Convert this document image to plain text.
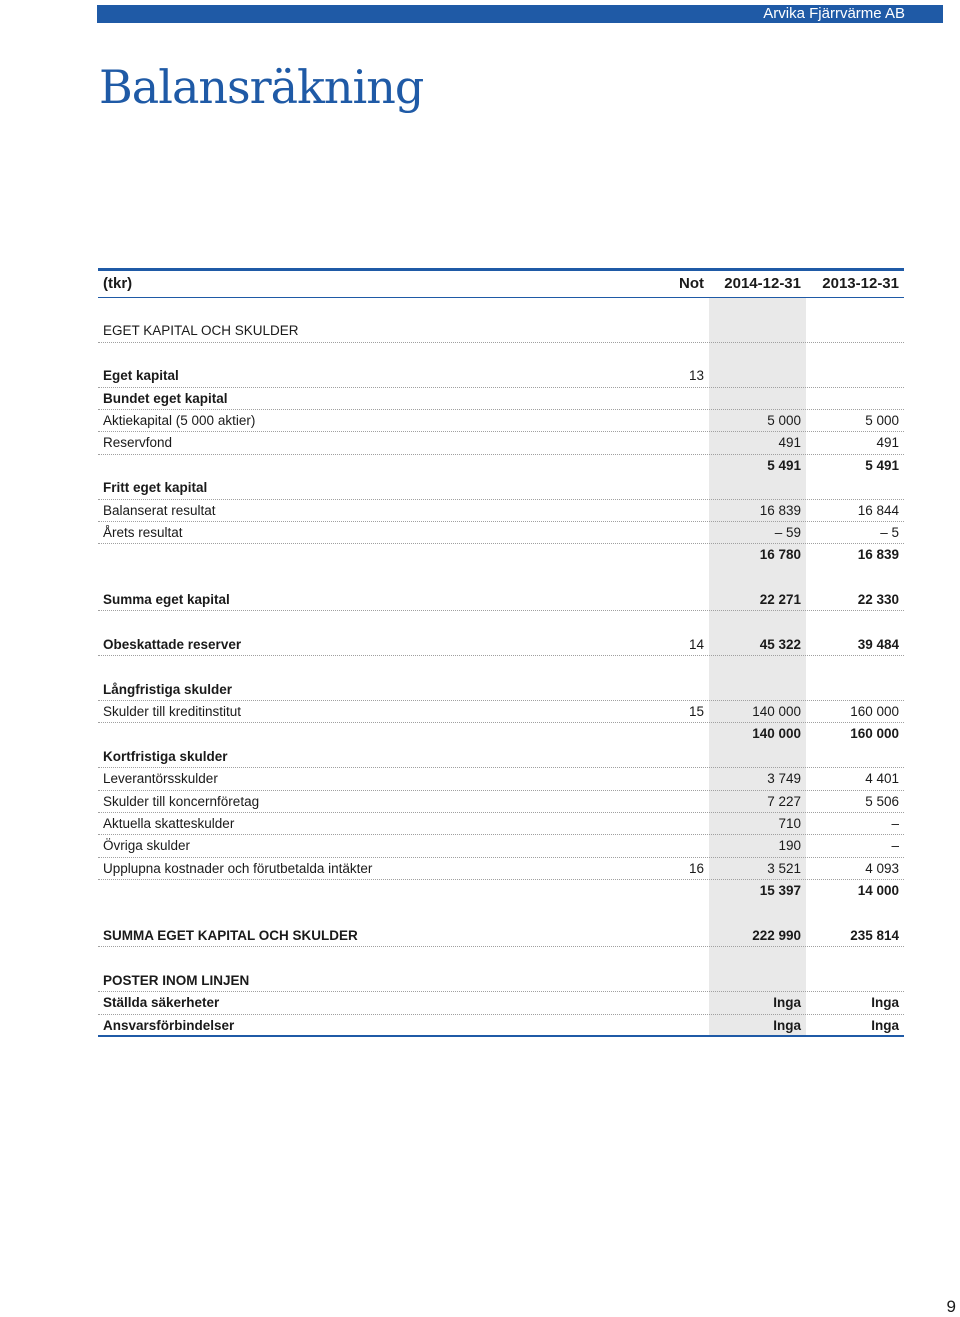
Arvika Fjärrvärme AB
Balansräkning
(tkr)	Not 2014-12-31 2013-12-31
EGET KAPITAL OCH SKULDER
Eget kapital	13
Bundet eget kapital
Aktiekapital (5 000 aktier)	5 000	5 000
Reservfond	491	491
5 491	5 491
Fritt eget kapital
Balanserat resultat	16 839	16 844
Årets resultat	– 59	– 5
16 780	16 839
Summa eget kapital	22 271	22 330
Obeskattade reserver	14	45 322	39 484
Långfristiga skulder
Skulder till kreditinstitut	15	140 000	160 000
140 000	160 000
Kortfristiga skulder
Leverantörsskulder	3 749	4 401
Skulder till koncernföretag	7 227	5 506
Aktuella skatteskulder	710	–
Övriga skulder	190	–
Upplupna kostnader och förutbetalda intäkter	16	3 521	4 093
15 397	14 000
SUMMA EGET KAPITAL OCH SKULDER	222 990	235 814
POSTER INOM LINJEN
Ställda säkerheter	Inga	Inga
Ansvarsförbindelser	Inga	Inga
9
